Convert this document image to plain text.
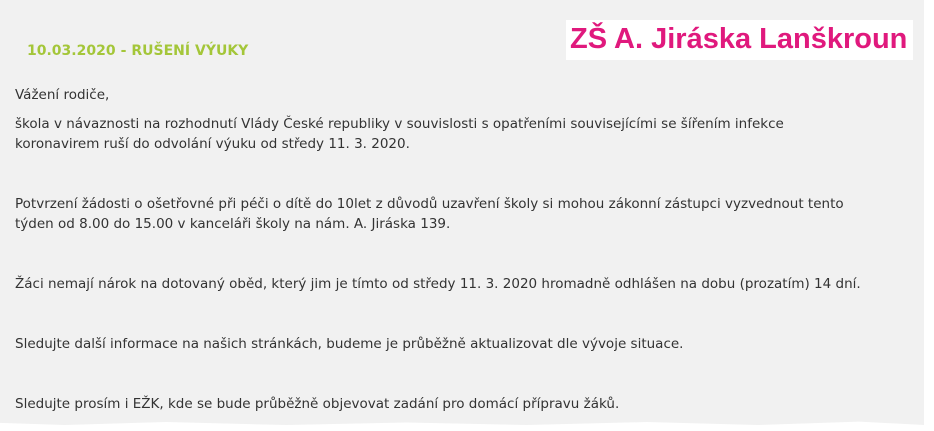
ZŠ A. Jiráska Lanškroun
10.03.2020 - RUŠENÍ VÝUKY

Vážení rodiče,

škola v návaznosti na rozhodnutí Vlády České republiky v souvislosti s opatřeními souvisejícími se šířením infekce
koronavirem ruší do odvolání výuku od středy 11. 3. 2020.

Potvrzení žádosti o ošetřovné při péči o dítě do 10let z důvodů uzavření školy si mohou zákonní zástupci vyzvednout tento
týden od 8.00 do 15.00 v kanceláři školy na nám. A. Jiráska 139.

Žáci nemají nárok na dotovaný oběd, který jim je tímto od středy 11. 3. 2020 hromadně odhlášen na dobu (prozatím) 14 dní.

Sledujte další informace na našich stránkách, budeme je průběžně aktualizovat dle vývoje situace.

Sledujte prosím i EŽK, kde se bude průběžně objevovat zadání pro domácí přípravu žáků.
